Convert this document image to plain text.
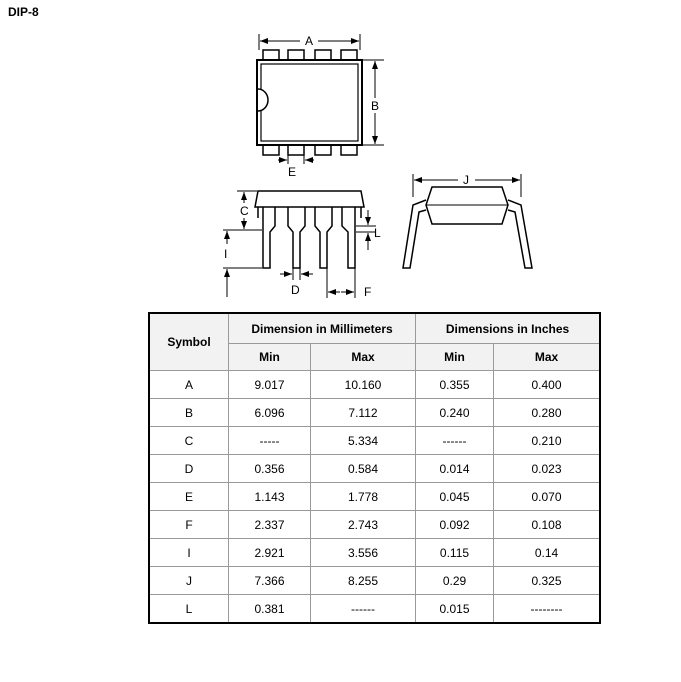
DIP-8
A
B
E
C
I
L
D	F
J
Symbol	Dimension in Millimeters		Dimensions in Inches	
	Min	Max	Min	Max
A	9.017	10.160	0.355	0.400
B	6.096	7.112	0.240	0.280
C	-----	5.334	------	0.210
D	0.356	0.584	0.014	0.023
E	1.143	1.778	0.045	0.070
F	2.337	2.743	0.092	0.108
I	2.921	3.556	0.115	0.14
J	7.366	8.255	0.29	0.325
L	0.381	------	0.015	--------
